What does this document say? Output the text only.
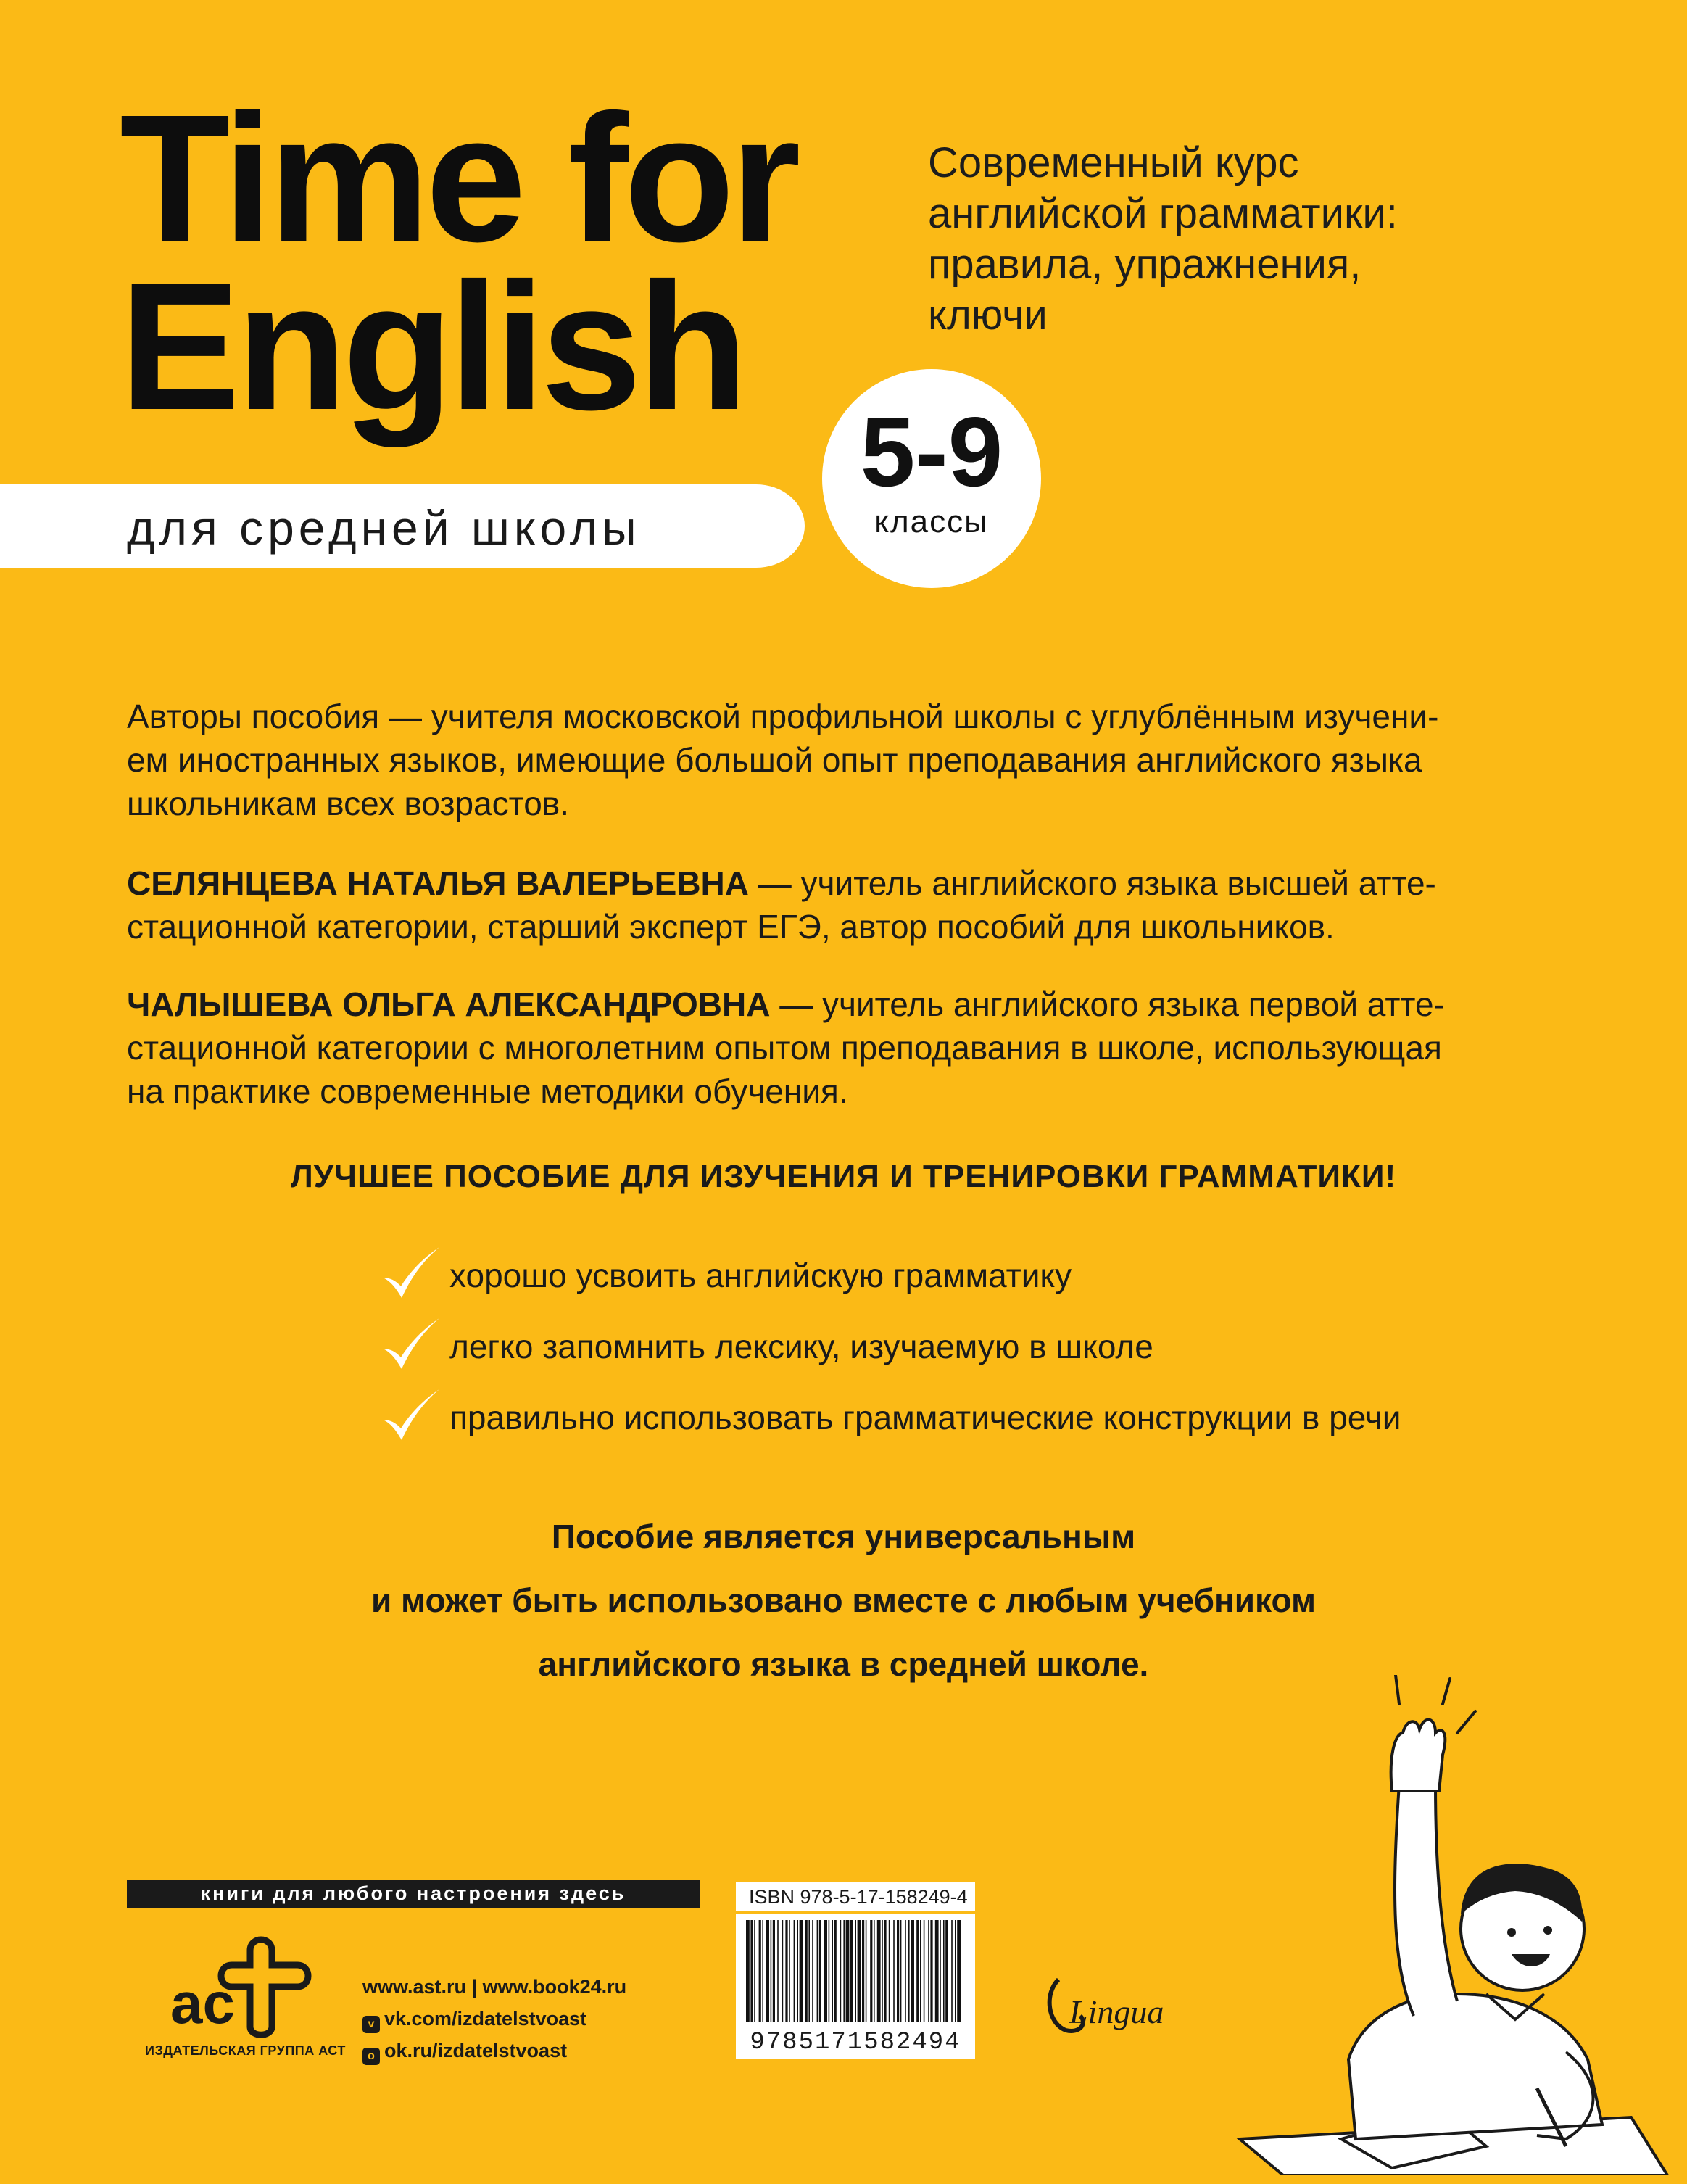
Time for
English
Современный курс
английской грамматики:
правила, упражнения,
ключи
для средней школы
5-9
классы
Авторы пособия — учителя московской профильной школы с углублённым изучени-
ем иностранных языков, имеющие большой опыт преподавания английского языка
школьникам всех возрастов.
СЕЛЯНЦЕВА НАТАЛЬЯ ВАЛЕРЬЕВНА — учитель английского языка высшей атте-
стационной категории, старший эксперт ЕГЭ, автор пособий для школьников.
ЧАЛЫШЕВА ОЛЬГА АЛЕКСАНДРОВНА — учитель английского языка первой атте-
стационной категории с многолетним опытом преподавания в школе, использующая
на практике современные методики обучения.
ЛУЧШЕЕ ПОСОБИЕ ДЛЯ ИЗУЧЕНИЯ И ТРЕНИРОВКИ ГРАММАТИКИ!
хорошо усвоить английскую грамматику
легко запомнить лексику, изучаемую в школе
правильно использовать грамматические конструкции в речи
Пособие является универсальным
и может быть использовано вместе с любым учебником
английского языка в средней школе.
книги для любого настроения здесь
ac
ИЗДАТЕЛЬСКАЯ ГРУППА АСТ
www.ast.ru | www.book24.ru
v vk.com/izdatelstvoast
o ok.ru/izdatelstvoast
ISBN 978-5-17-158249-4
9785171582494
Lingua
